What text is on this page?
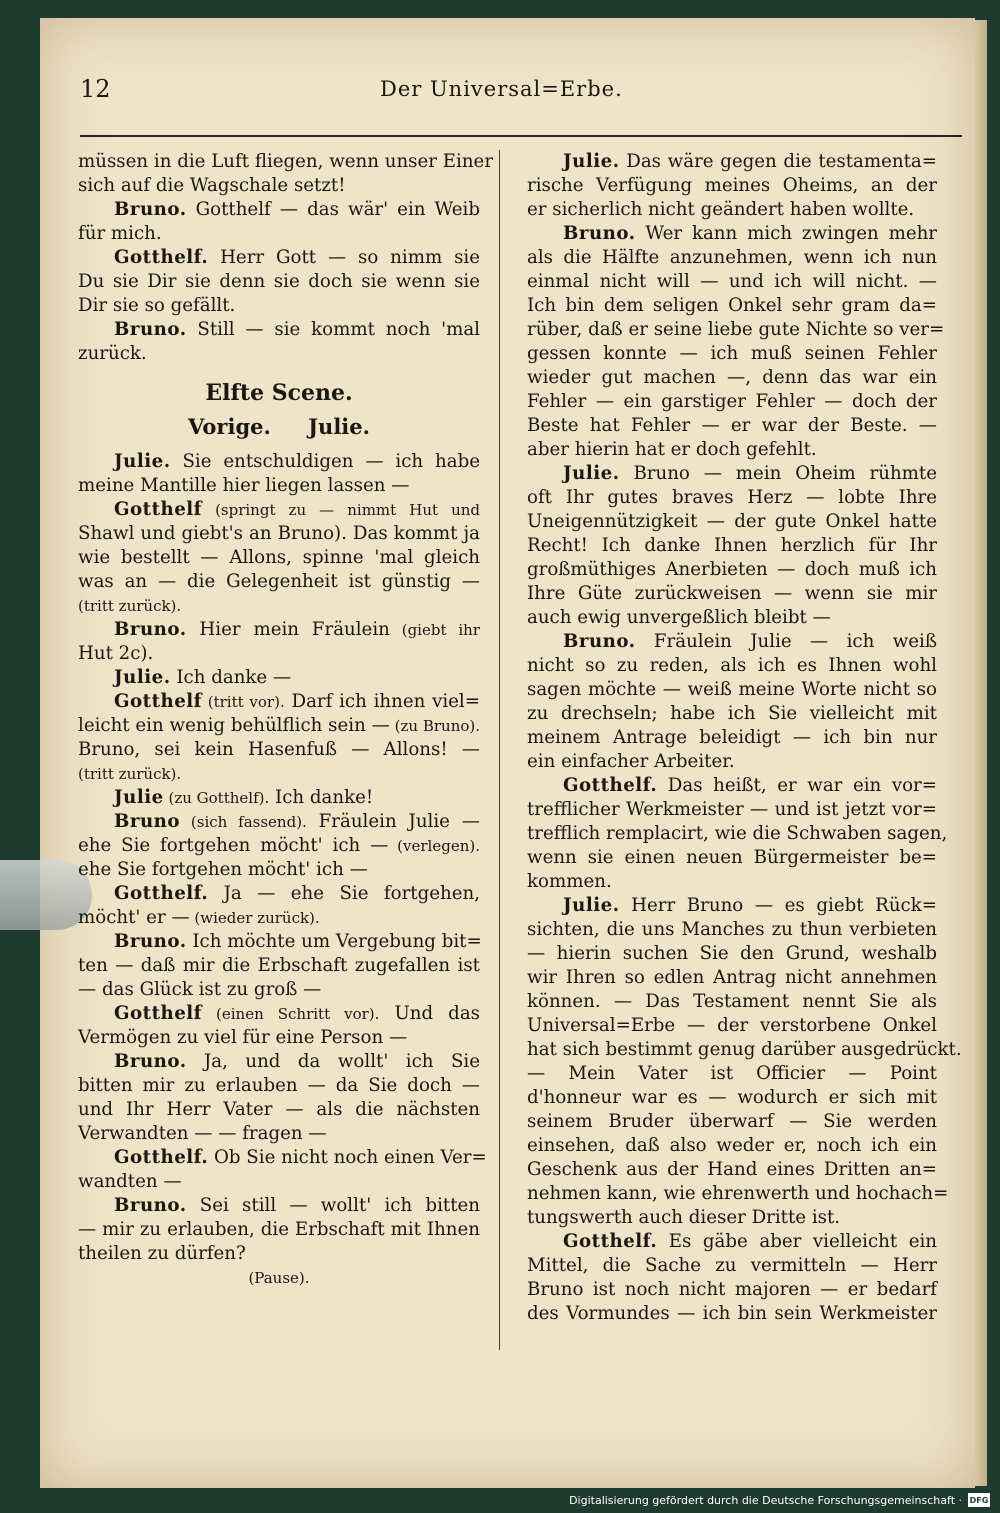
12	Der Universal=Erbe.
müssen in die Luft fliegen, wenn unser Einer
sich auf die Wagschale setzt!
Bruno. Gotthelf — das wär' ein Weib
für mich.
Gotthelf. Herr Gott — so nimm sie
Du sie Dir sie denn sie doch sie wenn sie
Dir sie so gefällt.
Bruno. Still — sie kommt noch 'mal
zurück.
Elfte Scene.
Vorige. Julie.
Julie. Sie entschuldigen — ich habe
meine Mantille hier liegen lassen —
Gotthelf (springt zu — nimmt Hut und
Shawl und giebt's an Bruno). Das kommt ja
wie bestellt — Allons, spinne 'mal gleich
was an — die Gelegenheit ist günstig —
(tritt zurück).
Bruno. Hier mein Fräulein (giebt ihr
Hut 2c).
Julie. Ich danke —
Gotthelf (tritt vor). Darf ich ihnen viel=
leicht ein wenig behülflich sein — (zu Bruno).
Bruno, sei kein Hasenfuß — Allons! —
(tritt zurück).
Julie (zu Gotthelf). Ich danke!
Bruno (sich fassend). Fräulein Julie —
ehe Sie fortgehen möcht' ich — (verlegen).
ehe Sie fortgehen möcht' ich —
Gotthelf. Ja — ehe Sie fortgehen,
möcht' er — (wieder zurück).
Bruno. Ich möchte um Vergebung bit=
ten — daß mir die Erbschaft zugefallen ist
— das Glück ist zu groß —
Gotthelf (einen Schritt vor). Und das
Vermögen zu viel für eine Person —
Bruno. Ja, und da wollt' ich Sie
bitten mir zu erlauben — da Sie doch —
und Ihr Herr Vater — als die nächsten
Verwandten — — fragen —
Gotthelf. Ob Sie nicht noch einen Ver=
wandten —
Bruno. Sei still — wollt' ich bitten
— mir zu erlauben, die Erbschaft mit Ihnen
theilen zu dürfen?
(Pause).
Julie. Das wäre gegen die testamenta=
rische Verfügung meines Oheims, an der
er sicherlich nicht geändert haben wollte.
Bruno. Wer kann mich zwingen mehr
als die Hälfte anzunehmen, wenn ich nun
einmal nicht will — und ich will nicht. —
Ich bin dem seligen Onkel sehr gram da=
rüber, daß er seine liebe gute Nichte so ver=
gessen konnte — ich muß seinen Fehler
wieder gut machen —, denn das war ein
Fehler — ein garstiger Fehler — doch der
Beste hat Fehler — er war der Beste. —
aber hierin hat er doch gefehlt.
Julie. Bruno — mein Oheim rühmte
oft Ihr gutes braves Herz — lobte Ihre
Uneigennützigkeit — der gute Onkel hatte
Recht! Ich danke Ihnen herzlich für Ihr
großmüthiges Anerbieten — doch muß ich
Ihre Güte zurückweisen — wenn sie mir
auch ewig unvergeßlich bleibt —
Bruno. Fräulein Julie — ich weiß
nicht so zu reden, als ich es Ihnen wohl
sagen möchte — weiß meine Worte nicht so
zu drechseln; habe ich Sie vielleicht mit
meinem Antrage beleidigt — ich bin nur
ein einfacher Arbeiter.
Gotthelf. Das heißt, er war ein vor=
trefflicher Werkmeister — und ist jetzt vor=
trefflich remplacirt, wie die Schwaben sagen,
wenn sie einen neuen Bürgermeister be=
kommen.
Julie. Herr Bruno — es giebt Rück=
sichten, die uns Manches zu thun verbieten
— hierin suchen Sie den Grund, weshalb
wir Ihren so edlen Antrag nicht annehmen
können. — Das Testament nennt Sie als
Universal=Erbe — der verstorbene Onkel
hat sich bestimmt genug darüber ausgedrückt.
— Mein Vater ist Officier — Point
d'honneur war es — wodurch er sich mit
seinem Bruder überwarf — Sie werden
einsehen, daß also weder er, noch ich ein
Geschenk aus der Hand eines Dritten an=
nehmen kann, wie ehrenwerth und hochach=
tungswerth auch dieser Dritte ist.
Gotthelf. Es gäbe aber vielleicht ein
Mittel, die Sache zu vermitteln — Herr
Bruno ist noch nicht majoren — er bedarf
des Vormundes — ich bin sein Werkmeister
Digitalisierung gefördert durch die Deutsche Forschungsgemeinschaft · DFG
